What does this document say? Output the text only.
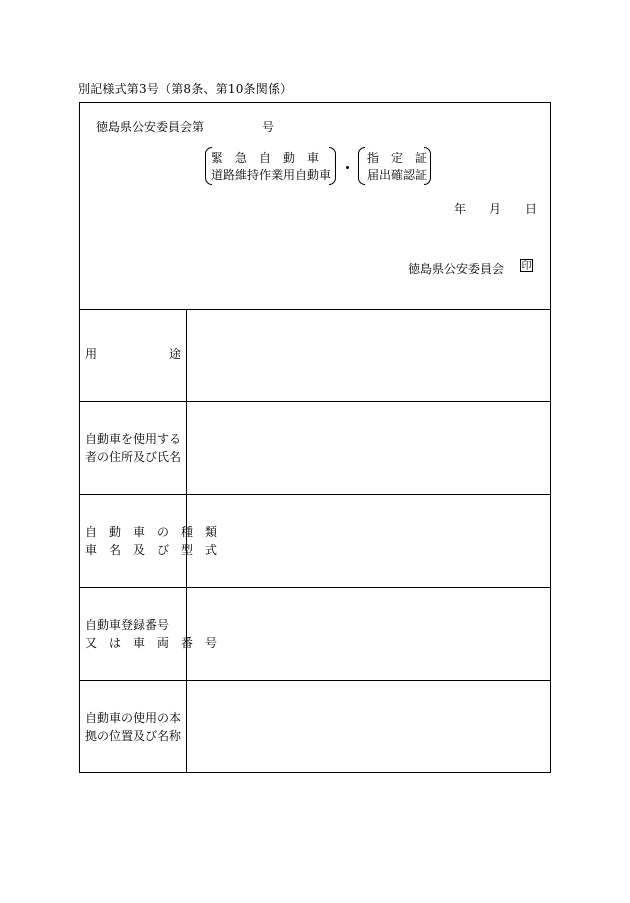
別記様式第3号（第8条、第10条関係）
徳島県公安委員会第	号
緊　急　自　動　車
道路維持作業用自動車
指　定　証
届出確認証
年 月 日
徳島県公安委員会 印
用　　　　　　途
自動車を使用する
者の住所及び氏名
自　動　車　の　種　類
車　名　及　び　型　式
自動車登録番号
又　は　車　両　番　号
自動車の使用の本
拠の位置及び名称
